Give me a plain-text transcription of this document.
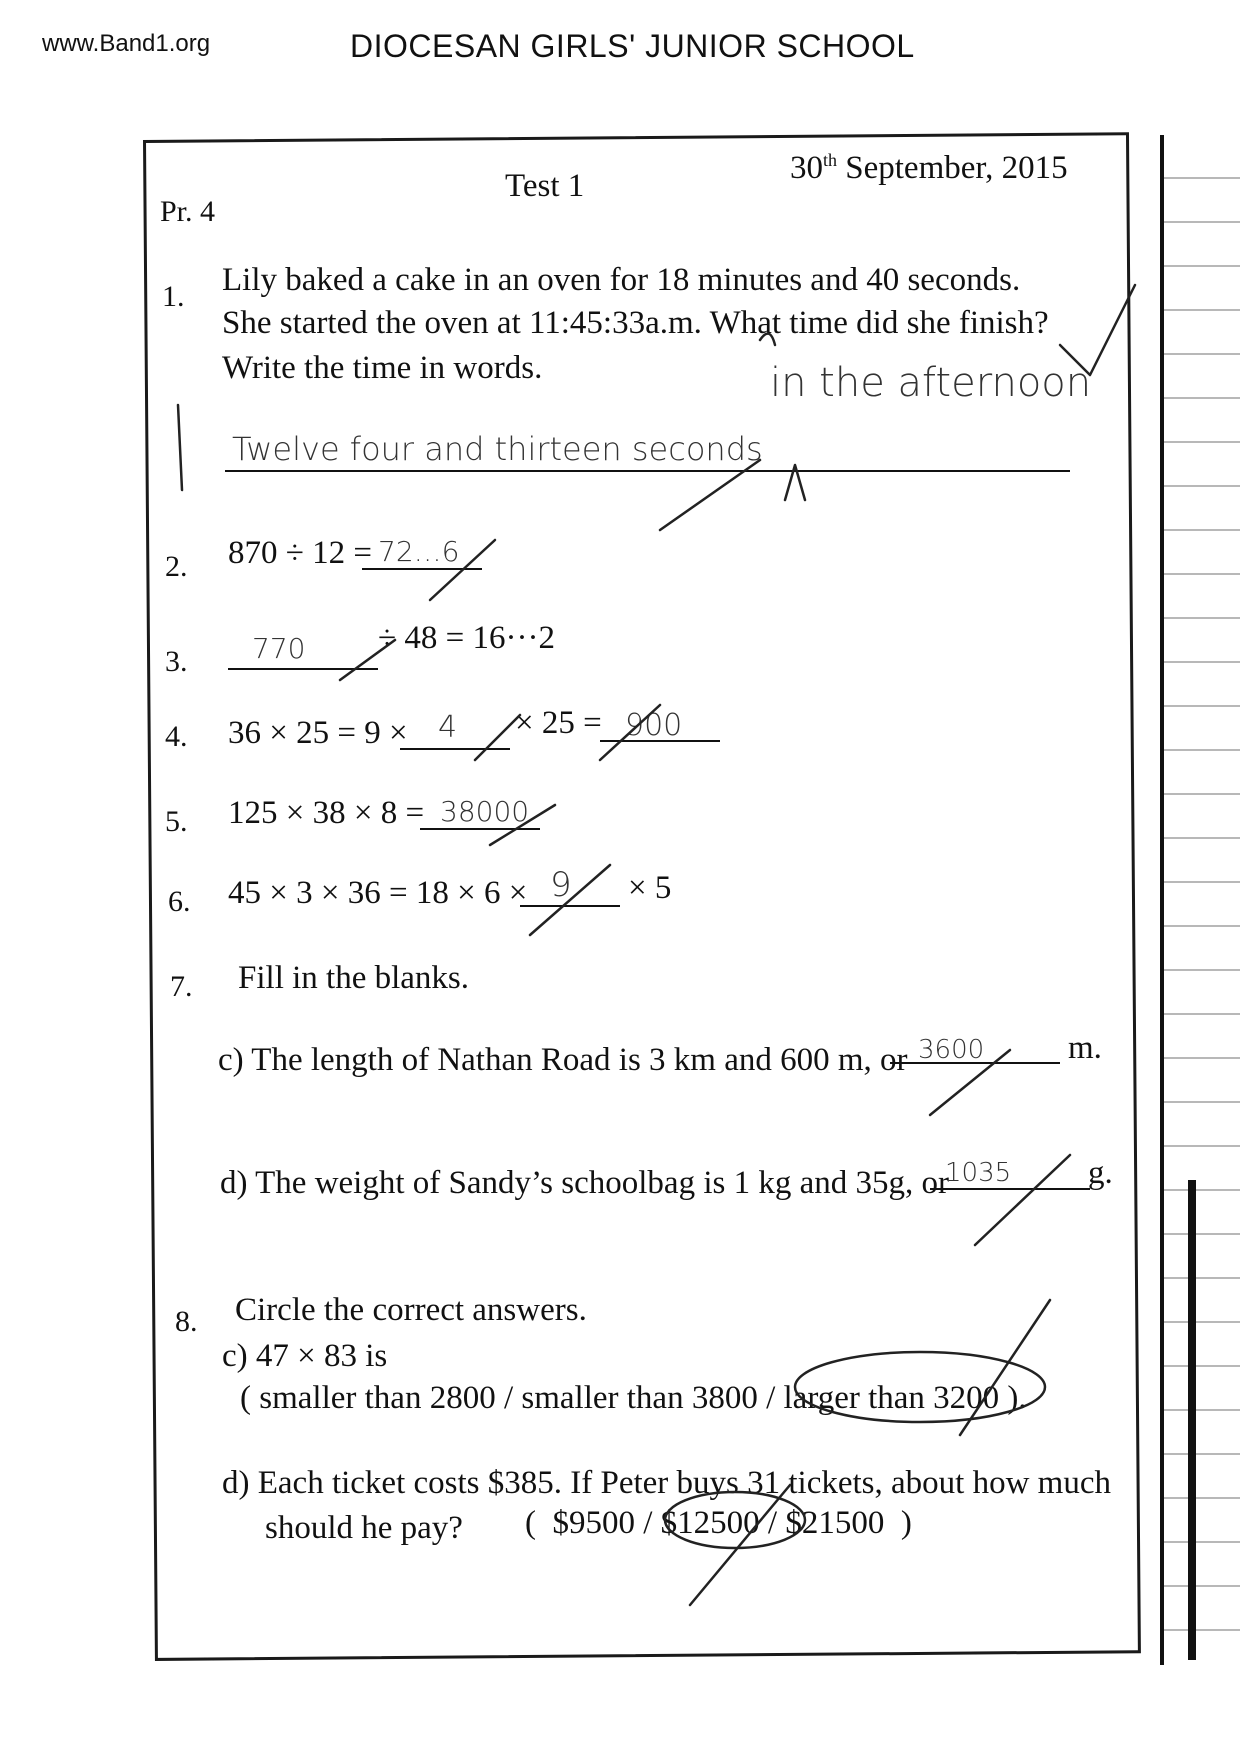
www.Band1.org	DIOCESAN GIRLS' JUNIOR SCHOOL
Pr. 4
Test 1	30th September, 2015
1. Lily baked a cake in an oven for 18 minutes and 40 seconds.
She started the oven at 11:45:33a.m. What time did she finish?
Write the time in words.	in the afternoon
Twelve four and thirteen seconds
2. 870 ÷ 12 = 72…6
3. 770 ÷ 48 = 16···2
4. 36 × 25 = 9 × 4 × 25 = 900
5. 125 × 38 × 8 = 38000
6. 45 × 3 × 36 = 18 × 6 × 9 × 5
7. Fill in the blanks.
c) The length of Nathan Road is 3 km and 600 m, or 3600	m.
d) The weight of Sandy’s schoolbag is 1 kg and 35g, or
1035 g.
8. Circle the correct answers.
c) 47 × 83 is
( smaller than 2800 / smaller than 3800 / larger than 3200 ).
d) Each ticket costs $385. If Peter buys 31 tickets, about how much
should he pay? ( $9500 / $12500 / $21500 )
